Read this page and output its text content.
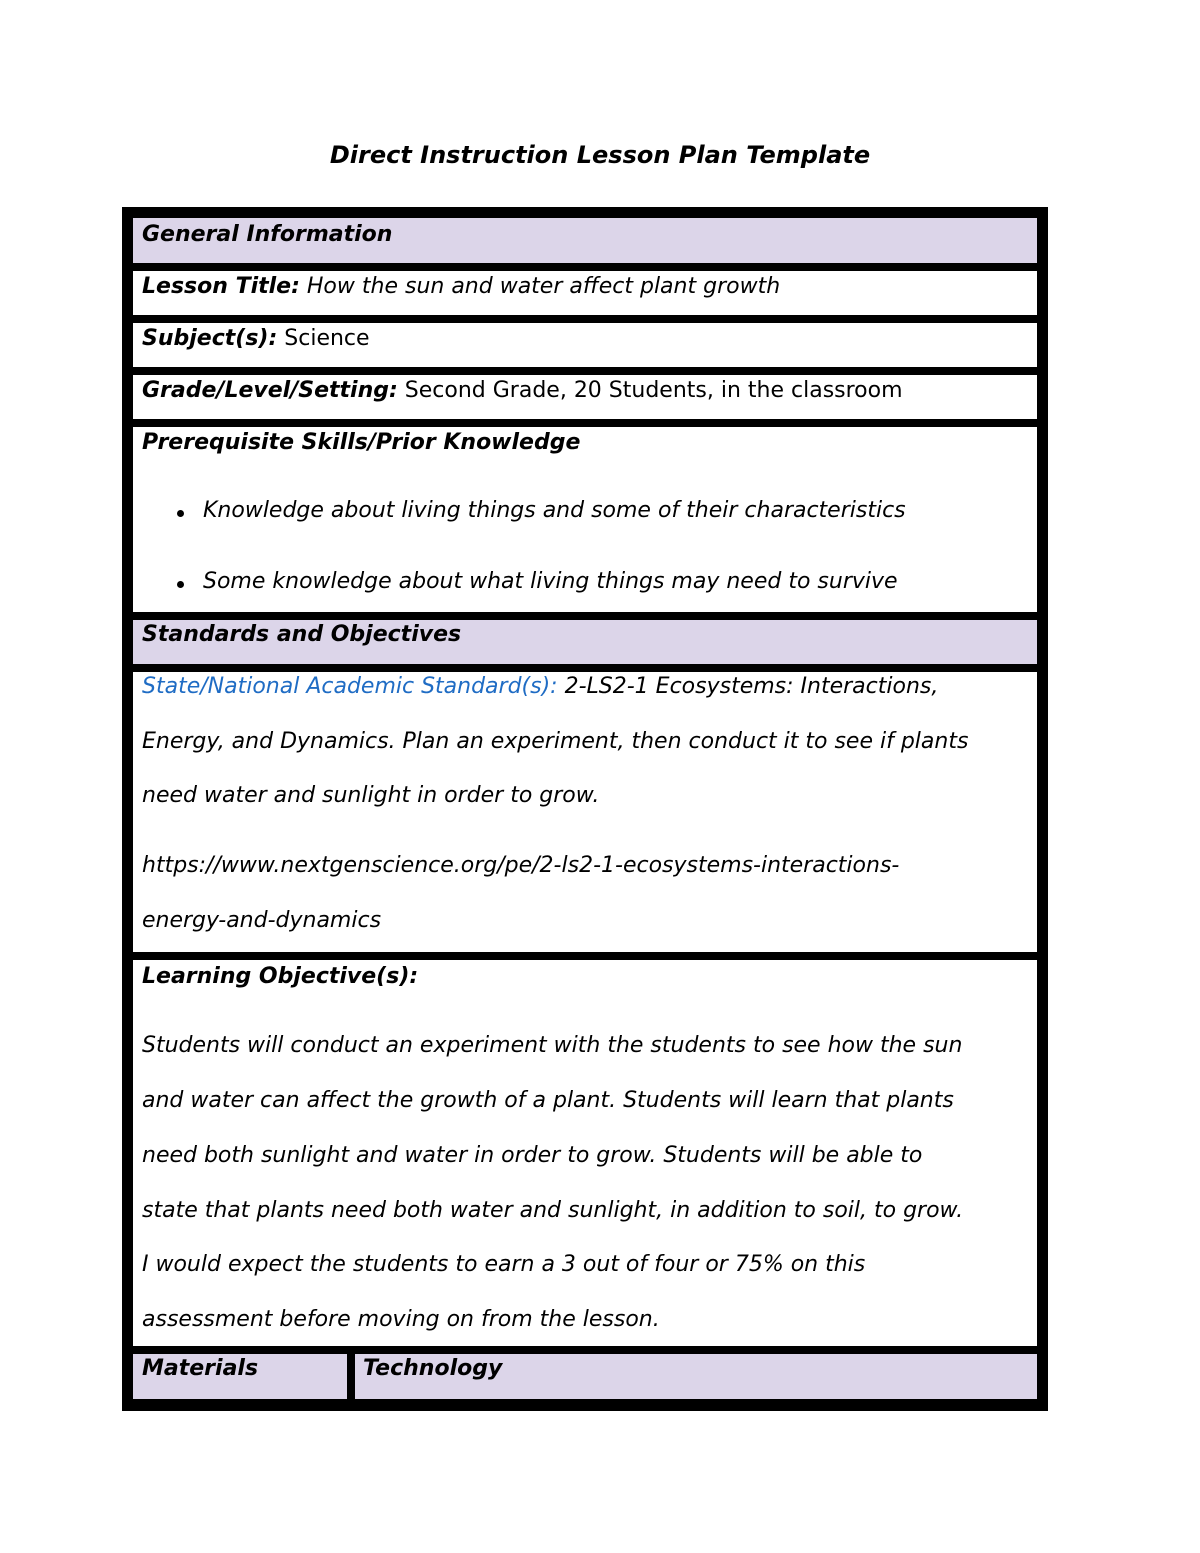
Direct Instruction Lesson Plan Template
General Information
Lesson Title: How the sun and water affect plant growth
Subject(s): Science
Grade/Level/Setting: Second Grade, 20 Students, in the classroom
Prerequisite Skills/Prior Knowledge
Knowledge about living things and some of their characteristics
Some knowledge about what living things may need to survive
Standards and Objectives
State/National Academic Standard(s): 2-LS2-1 Ecosystems: Interactions,
Energy, and Dynamics. Plan an experiment, then conduct it to see if plants
need water and sunlight in order to grow.
https://www.nextgenscience.org/pe/2-ls2-1-ecosystems-interactions-
energy-and-dynamics
Learning Objective(s):
Students will conduct an experiment with the students to see how the sun
and water can affect the growth of a plant. Students will learn that plants
need both sunlight and water in order to grow. Students will be able to
state that plants need both water and sunlight, in addition to soil, to grow.
I would expect the students to earn a 3 out of four or 75% on this
assessment before moving on from the lesson.
Materials	Technology
